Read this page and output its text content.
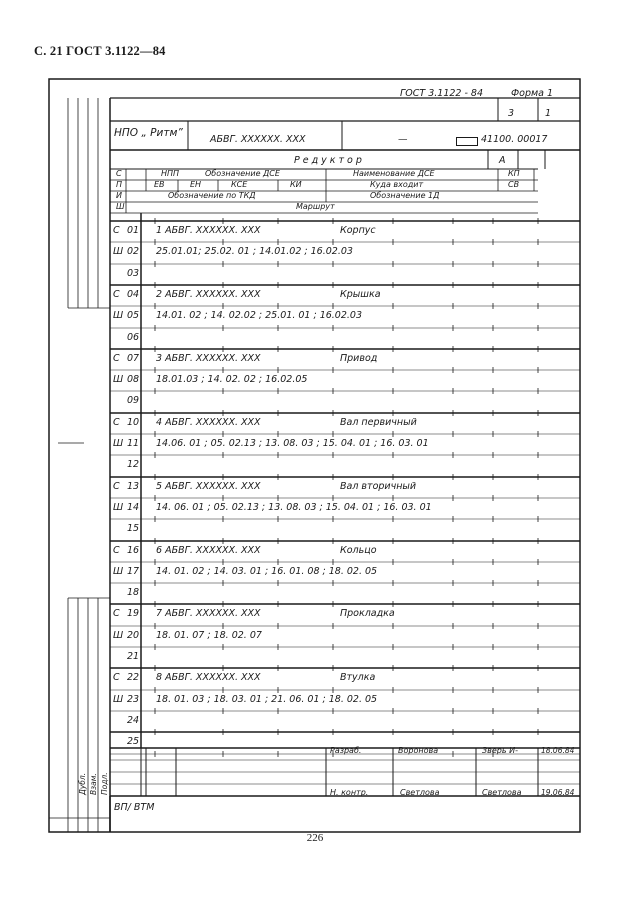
С. 21 ГОСТ 3.1122—84
ГОСТ 3.1122 - 84	Форма 1
3	1
НПО „ Ритм”
АБВГ. ХХХХХХ. ХХХ	—	41100. 00017
Редуктор	А
С	НПП	Обозначение ДСЕ	Наименование ДСЕ	КП
П	ЕВ	ЕН	КСЕ	КИ	Куда входит	СВ
И	Обозначение по ТКД	Обозначение 1Д
Ш	Маршрут
С 01 1 АБВГ. ХХХХХХ. ХХХ	Корпус
Ш 02 25.01.01; 25.02. 01 ; 14.01.02 ; 16.02.03
03
С 04 2 АБВГ. ХХХХХХ. ХХХ	Крышка
Ш 05 14.01. 02 ; 14. 02.02 ; 25.01. 01 ; 16.02.03
06
С 07 3 АБВГ. ХХХХХХ. ХХХ	Привод
Ш 08 18.01.03 ; 14. 02. 02 ; 16.02.05
09
С 10 4 АБВГ. ХХХХХХ. ХХХ	Вал первичный
Ш 11 14.06. 01 ; 05. 02.13 ; 13. 08. 03 ; 15. 04. 01 ; 16. 03. 01
12
С 13 5 АБВГ. ХХХХХХ. ХХХ	Вал вторичный
Ш 14 14. 06. 01 ; 05. 02.13 ; 13. 08. 03 ; 15. 04. 01 ; 16. 03. 01
15
С 16 6 АБВГ. ХХХХХХ. ХХХ	Кольцо
Ш 17 14. 01. 02 ; 14. 03. 01 ; 16. 01. 08 ; 18. 02. 05
18
С 19 7 АБВГ. ХХХХХХ. ХХХ	Прокладка
Ш 20 18. 01. 07 ; 18. 02. 07
21
С 22 8 АБВГ. ХХХХХХ. ХХХ	Втулка
Ш 23 18. 01. 03 ; 18. 03. 01 ; 21. 06. 01 ; 18. 02. 05
24
25
Разраб.	Воронова	Зверь И-	18.06.84
Н. контр.	Светлова	Светлова	19.06.84
Дубл. Взам. Подл.
ВП/ ВТМ
226
